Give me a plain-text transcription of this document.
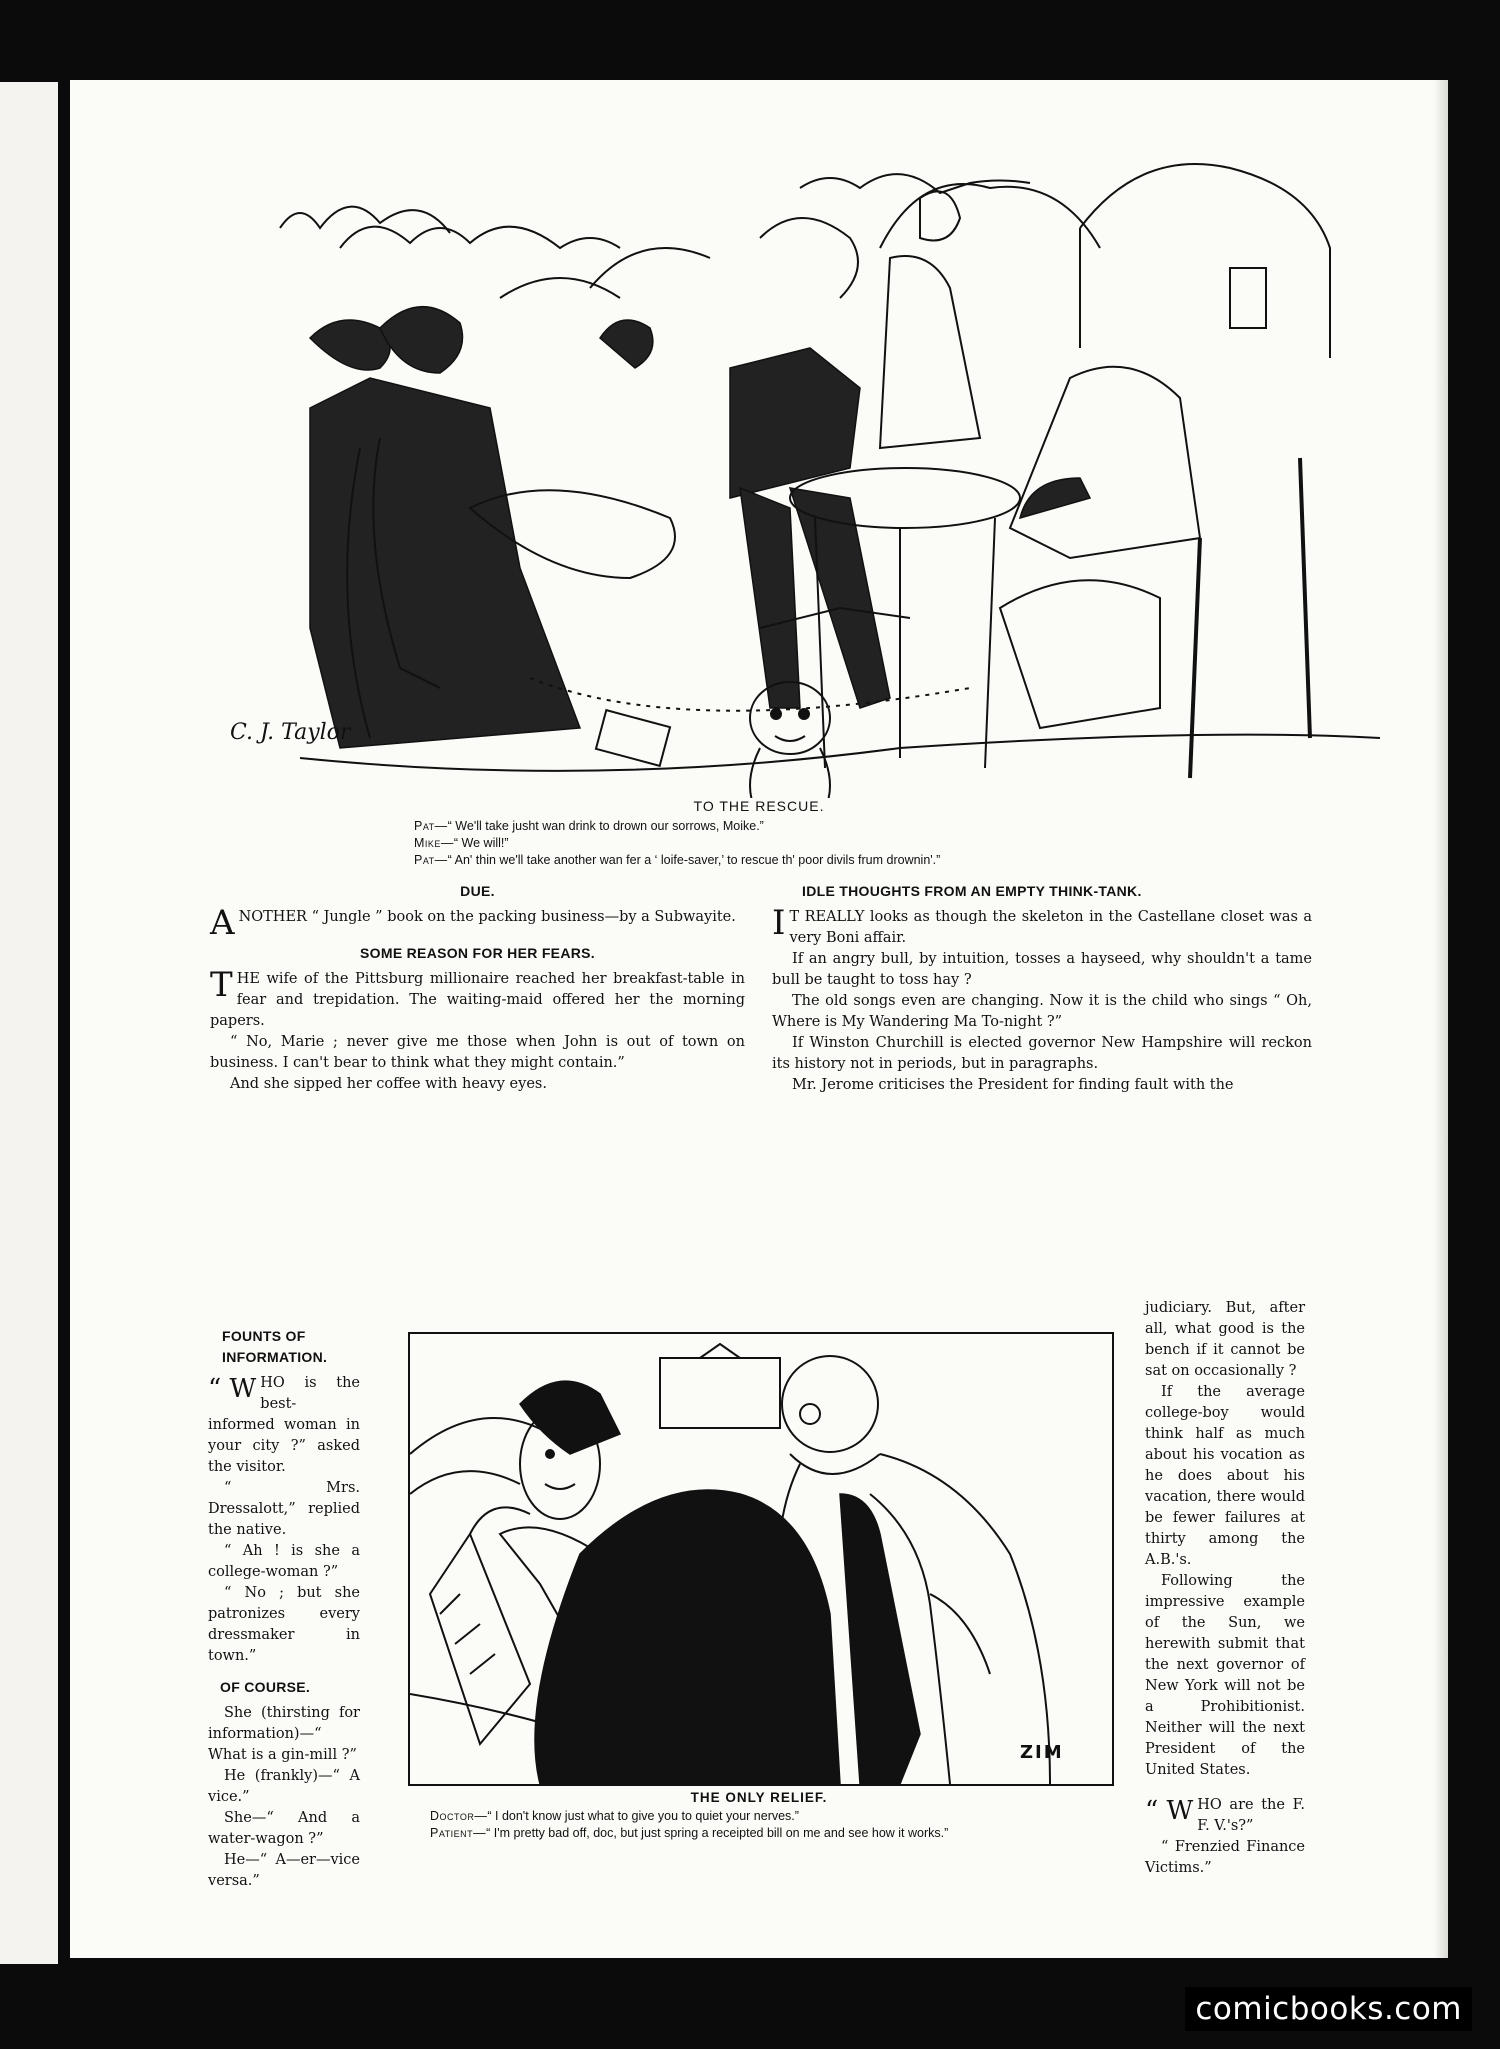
C. J. Taylor
TO THE RESCUE.
Pat—“ We'll take jusht wan drink to drown our sorrows, Moike.”
Mike—“ We will!”
Pat—“ An' thin we'll take another wan fer a ‘ loife-saver,’ to rescue th' poor divils frum drownin'.”
DUE.

ANOTHER “ Jungle ” book on the packing business—by a Subwayite.

SOME REASON FOR HER FEARS.

THE wife of the Pittsburg millionaire reached her breakfast-table in fear and trepidation. The waiting-maid offered her the morning papers.

“ No, Marie ; never give me those when John is out of town on business. I can't bear to think what they might contain.”

And she sipped her coffee with heavy eyes.

IDLE THOUGHTS FROM AN EMPTY THINK-TANK.

I T REALLY looks as though the skeleton in the Castellane closet was a very Boni affair.

If an angry bull, by intuition, tosses a hayseed, why shouldn't a tame bull be taught to toss hay ?

The old songs even are changing. Now it is the child who sings “ Oh, Where is My Wandering Ma To-night ?”

If Winston Churchill is elected governor New Hampshire will reckon its history not in periods, but in paragraphs.

Mr. Jerome criticises the President for finding fault with the

FOUNTS OF INFORMATION.

“ W HO is the best-informed woman in your city ?” asked the visitor.

“ Mrs. Dressalott,” replied the native.

“ Ah ! is she a college-woman ?”

“ No ; but she patronizes every dressmaker in town.”

OF COURSE.

She (thirsting for information)—“ What is a gin-mill ?”

He (frankly)—“ A vice.”

She—“ And a water-wagon ?”

He—“ A—er—vice versa.”

ZIM
THE ONLY RELIEF.
Doctor—“ I don't know just what to give you to quiet your nerves.”
Patient—“ I'm pretty bad off, doc, but just spring a receipted bill on me and see how it works.”

judiciary. But, after all, what good is the bench if it cannot be sat on occasionally ?

If the average college-boy would think half as much about his vocation as he does about his vacation, there would be fewer failures at thirty among the A.B.'s.

Following the impressive example of the Sun, we herewith submit that the next governor of New York will not be a Prohibitionist. Neither will the next President of the United States.

“ W HO are the F. F. V.'s?”

“ Frenzied Finance Victims.”

comicbooks.com
